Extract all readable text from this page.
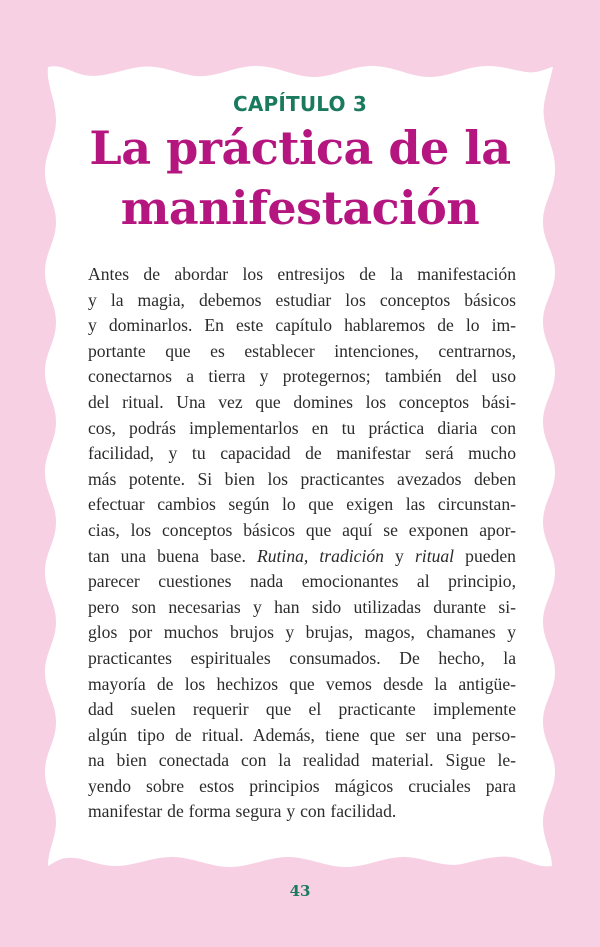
CAPÍTULO 3
La práctica de la
manifestación
Antes de abordar los entresijos de la manifestación
y la magia, debemos estudiar los conceptos básicos
y dominarlos. En este capítulo hablaremos de lo im-
portante que es establecer intenciones, centrarnos,
conectarnos a tierra y protegernos; también del uso
del ritual. Una vez que domines los conceptos bási-
cos, podrás implementarlos en tu práctica diaria con
facilidad, y tu capacidad de manifestar será mucho
más potente. Si bien los practicantes avezados deben
efectuar cambios según lo que exigen las circunstan-
cias, los conceptos básicos que aquí se exponen apor-
tan una buena base. Rutina, tradición y ritual pueden
parecer cuestiones nada emocionantes al principio,
pero son necesarias y han sido utilizadas durante si-
glos por muchos brujos y brujas, magos, chamanes y
practicantes espirituales consumados. De hecho, la
mayoría de los hechizos que vemos desde la antigüe-
dad suelen requerir que el practicante implemente
algún tipo de ritual. Además, tiene que ser una perso-
na bien conectada con la realidad material. Sigue le-
yendo sobre estos principios mágicos cruciales para
manifestar de forma segura y con facilidad.
43
